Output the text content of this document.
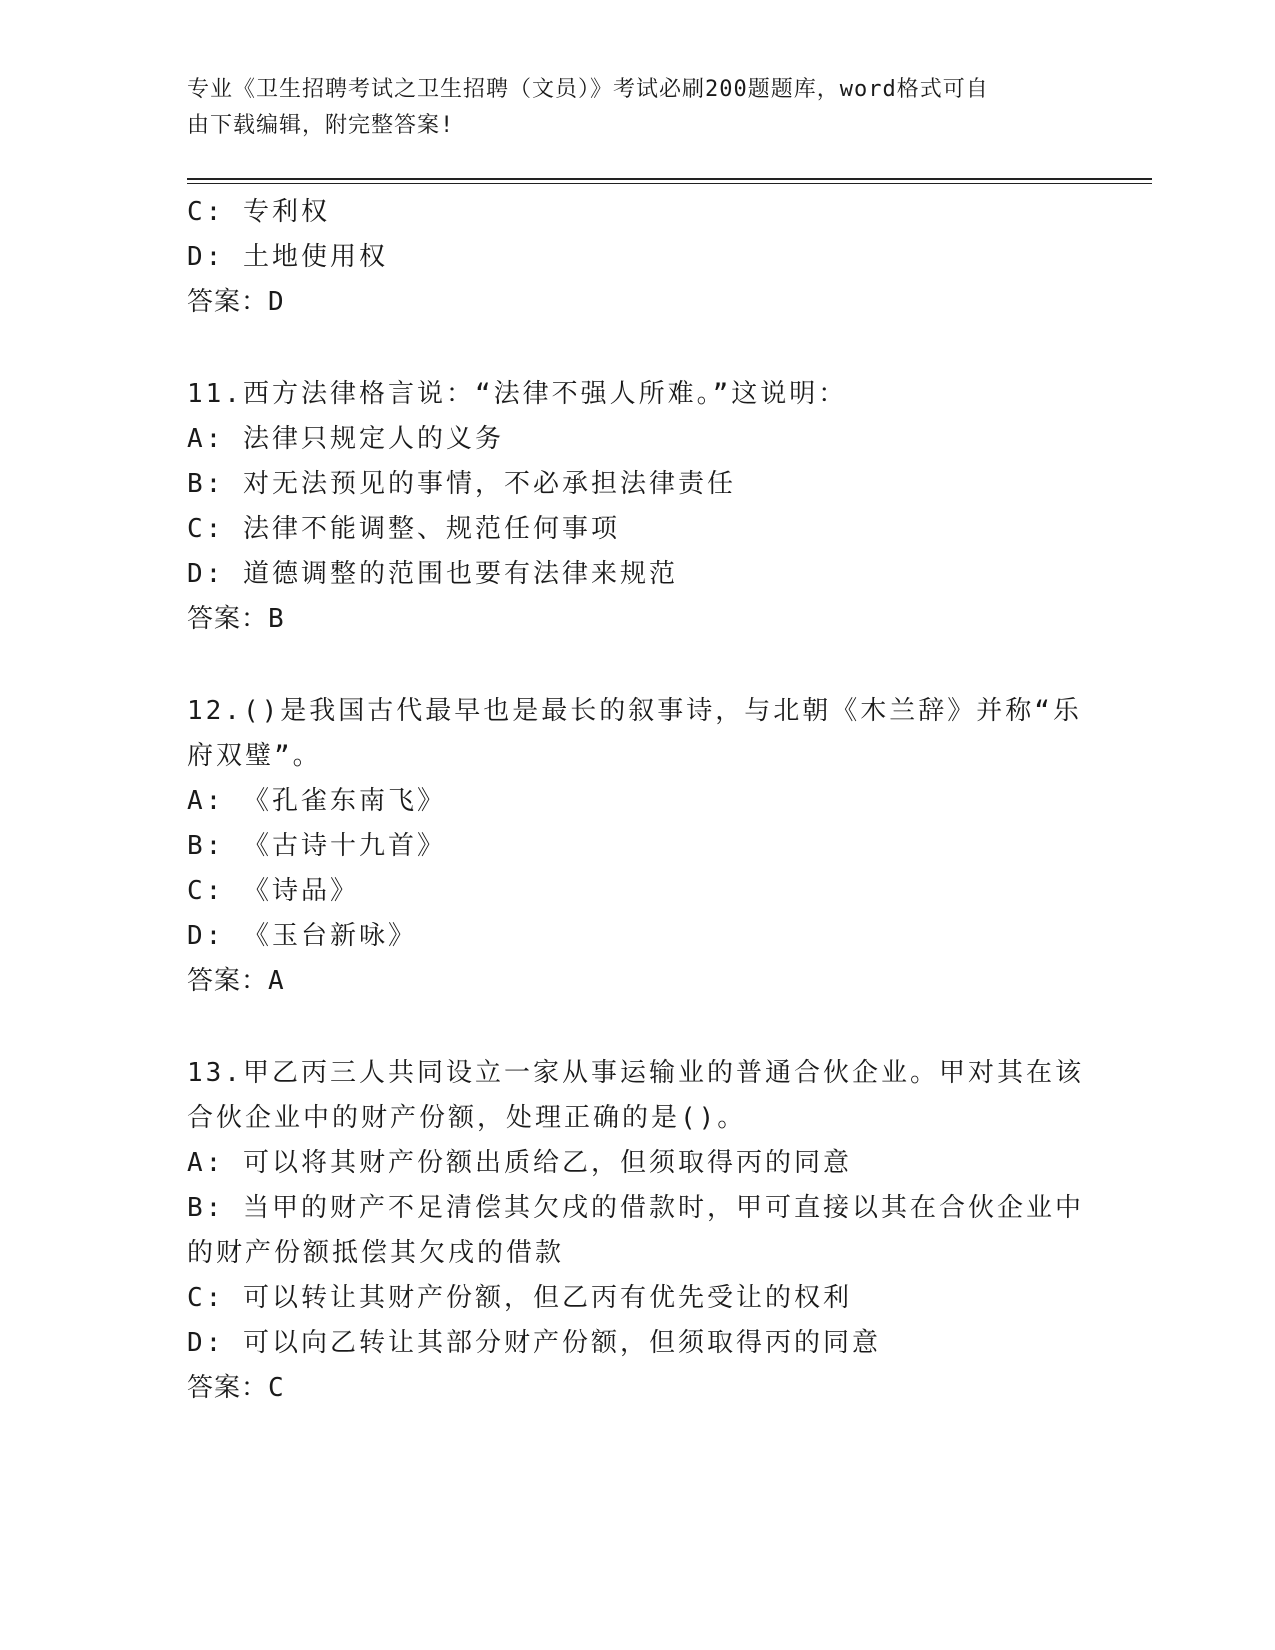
专业《卫生招聘考试之卫生招聘（文员）》考试必刷200题题库，word格式可自
由下载编辑，附完整答案!
C: 专利权
D: 土地使用权
答案：D
11.西方法律格言说：“法律不强人所难。”这说明：
A: 法律只规定人的义务
B: 对无法预见的事情，不必承担法律责任
C: 法律不能调整、规范任何事项
D: 道德调整的范围也要有法律来规范
答案：B
12.()是我国古代最早也是最长的叙事诗，与北朝《木兰辞》并称“乐
府双璧”。
A: 《孔雀东南飞》
B: 《古诗十九首》
C: 《诗品》
D: 《玉台新咏》
答案：A
13.甲乙丙三人共同设立一家从事运输业的普通合伙企业。甲对其在该
合伙企业中的财产份额，处理正确的是()。
A: 可以将其财产份额出质给乙，但须取得丙的同意
B: 当甲的财产不足清偿其欠戌的借款时，甲可直接以其在合伙企业中
的财产份额抵偿其欠戌的借款
C: 可以转让其财产份额，但乙丙有优先受让的权利
D: 可以向乙转让其部分财产份额，但须取得丙的同意
答案：C
